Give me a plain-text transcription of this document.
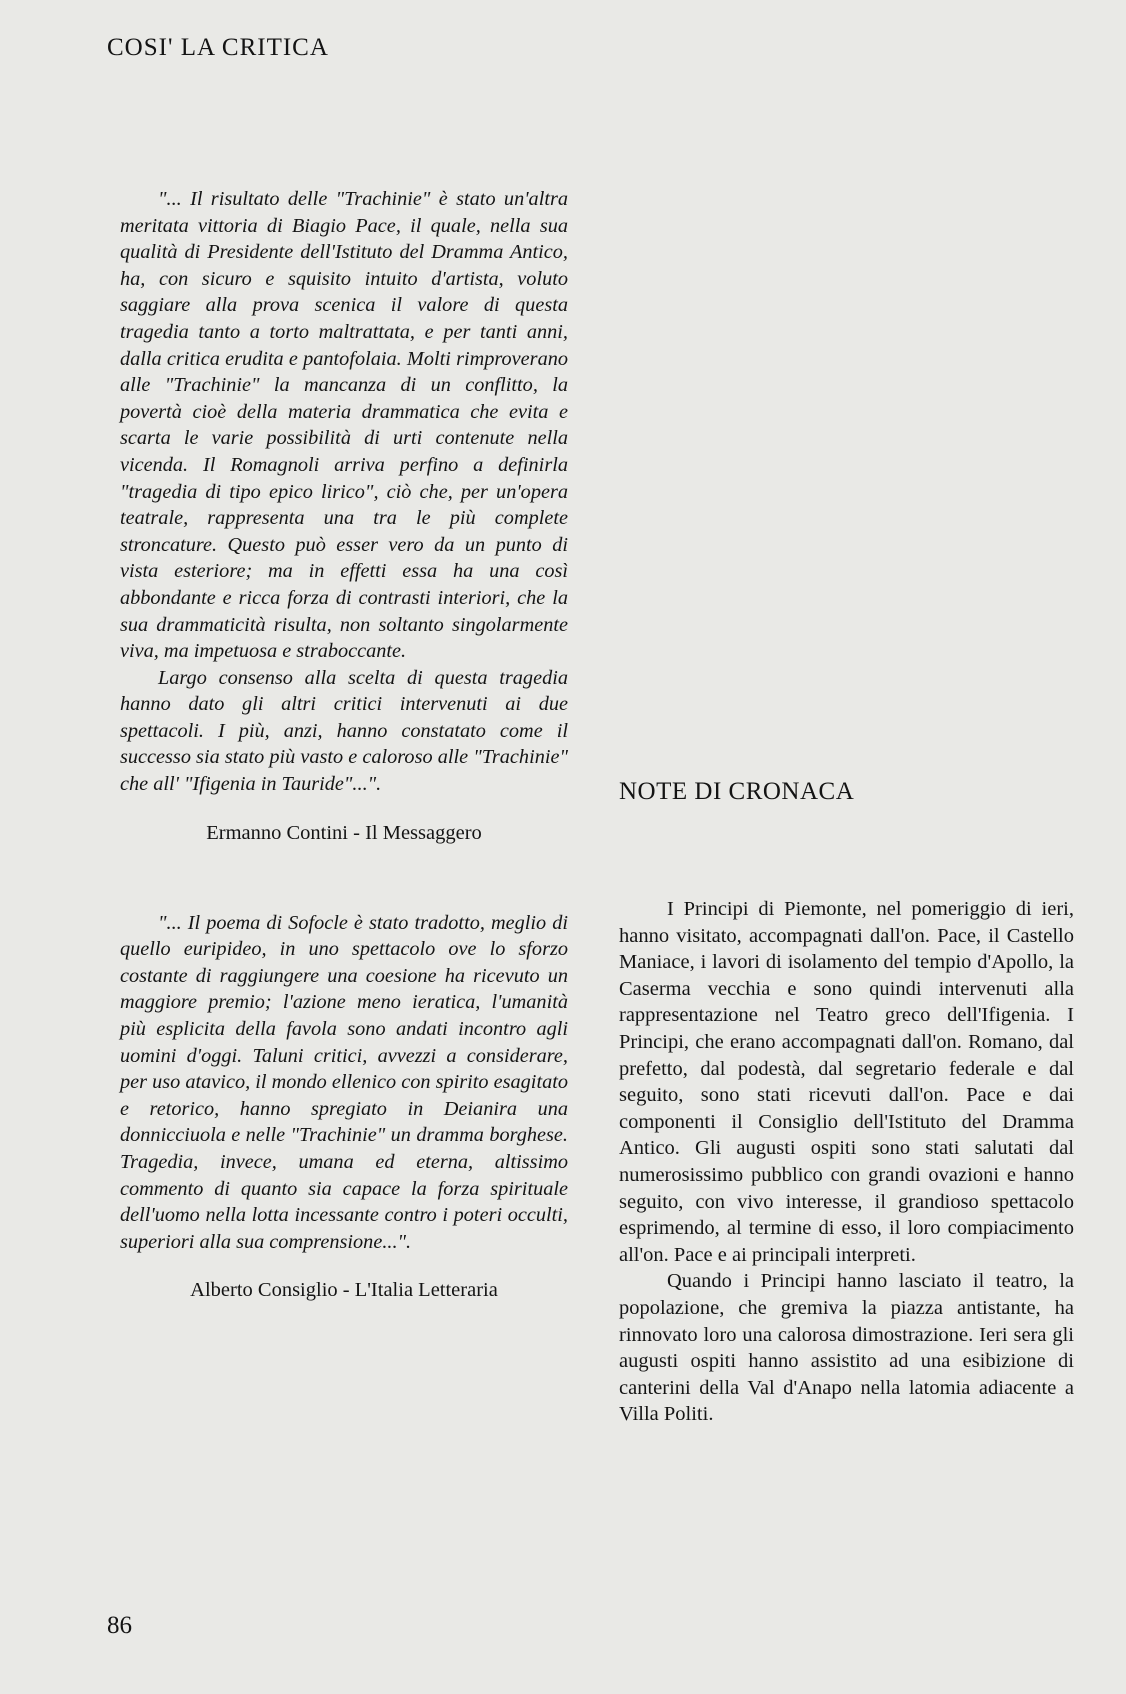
COSI' LA CRITICA

"... Il risultato delle "Trachinie" è stato un'altra meritata vittoria di Biagio Pace, il quale, nella sua qualità di Presidente dell'Istituto del Dramma Antico, ha, con sicuro e squisito intuito d'artista, voluto saggiare alla prova scenica il valore di questa tragedia tanto a torto maltrattata, e per tanti anni, dalla critica erudita e pantofolaia. Molti rimproverano alle "Trachinie" la mancanza di un conflitto, la povertà cioè della materia drammatica che evita e scarta le varie possibilità di urti contenute nella vicenda. Il Romagnoli arriva perfino a definirla "tragedia di tipo epico lirico", ciò che, per un'opera teatrale, rappresenta una tra le più complete stroncature. Questo può esser vero da un punto di vista esteriore; ma in effetti essa ha una così abbondante e ricca forza di contrasti interiori, che la sua drammaticità risulta, non soltanto singolarmente viva, ma impetuosa e straboccante.

Largo consenso alla scelta di questa tragedia hanno dato gli altri critici intervenuti ai due spettacoli. I più, anzi, hanno constatato come il successo sia stato più vasto e caloroso alle "Trachinie" che all' "Ifigenia in Tauride"...".

Ermanno Contini - Il Messaggero

"... Il poema di Sofocle è stato tradotto, meglio di quello euripideo, in uno spettacolo ove lo sforzo costante di raggiungere una coesione ha ricevuto un maggiore premio; l'azione meno ieratica, l'umanità più esplicita della favola sono andati incontro agli uomini d'oggi. Taluni critici, avvezzi a considerare, per uso atavico, il mondo ellenico con spirito esagitato e retorico, hanno spregiato in Deianira una donnicciuola e nelle "Trachinie" un dramma borghese. Tragedia, invece, umana ed eterna, altissimo commento di quanto sia capace la forza spirituale dell'uomo nella lotta incessante contro i poteri occulti, superiori alla sua comprensione...".

Alberto Consiglio - L'Italia Letteraria

NOTE DI CRONACA

I Principi di Piemonte, nel pomeriggio di ieri, hanno visitato, accompagnati dall'on. Pace, il Castello Maniace, i lavori di isolamento del tempio d'Apollo, la Caserma vecchia e sono quindi intervenuti alla rappresentazione nel Teatro greco dell'Ifigenia. I Principi, che erano accompagnati dall'on. Romano, dal prefetto, dal podestà, dal segretario federale e dal seguito, sono stati ricevuti dall'on. Pace e dai componenti il Consiglio dell'Istituto del Dramma Antico. Gli augusti ospiti sono stati salutati dal numerosissimo pubblico con grandi ovazioni e hanno seguito, con vivo interesse, il grandioso spettacolo esprimendo, al termine di esso, il loro compiacimento all'on. Pace e ai principali interpreti.

Quando i Principi hanno lasciato il teatro, la popolazione, che gremiva la piazza antistante, ha rinnovato loro una calorosa dimostrazione. Ieri sera gli augusti ospiti hanno assistito ad una esibizione di canterini della Val d'Anapo nella latomia adiacente a Villa Politi.

86
